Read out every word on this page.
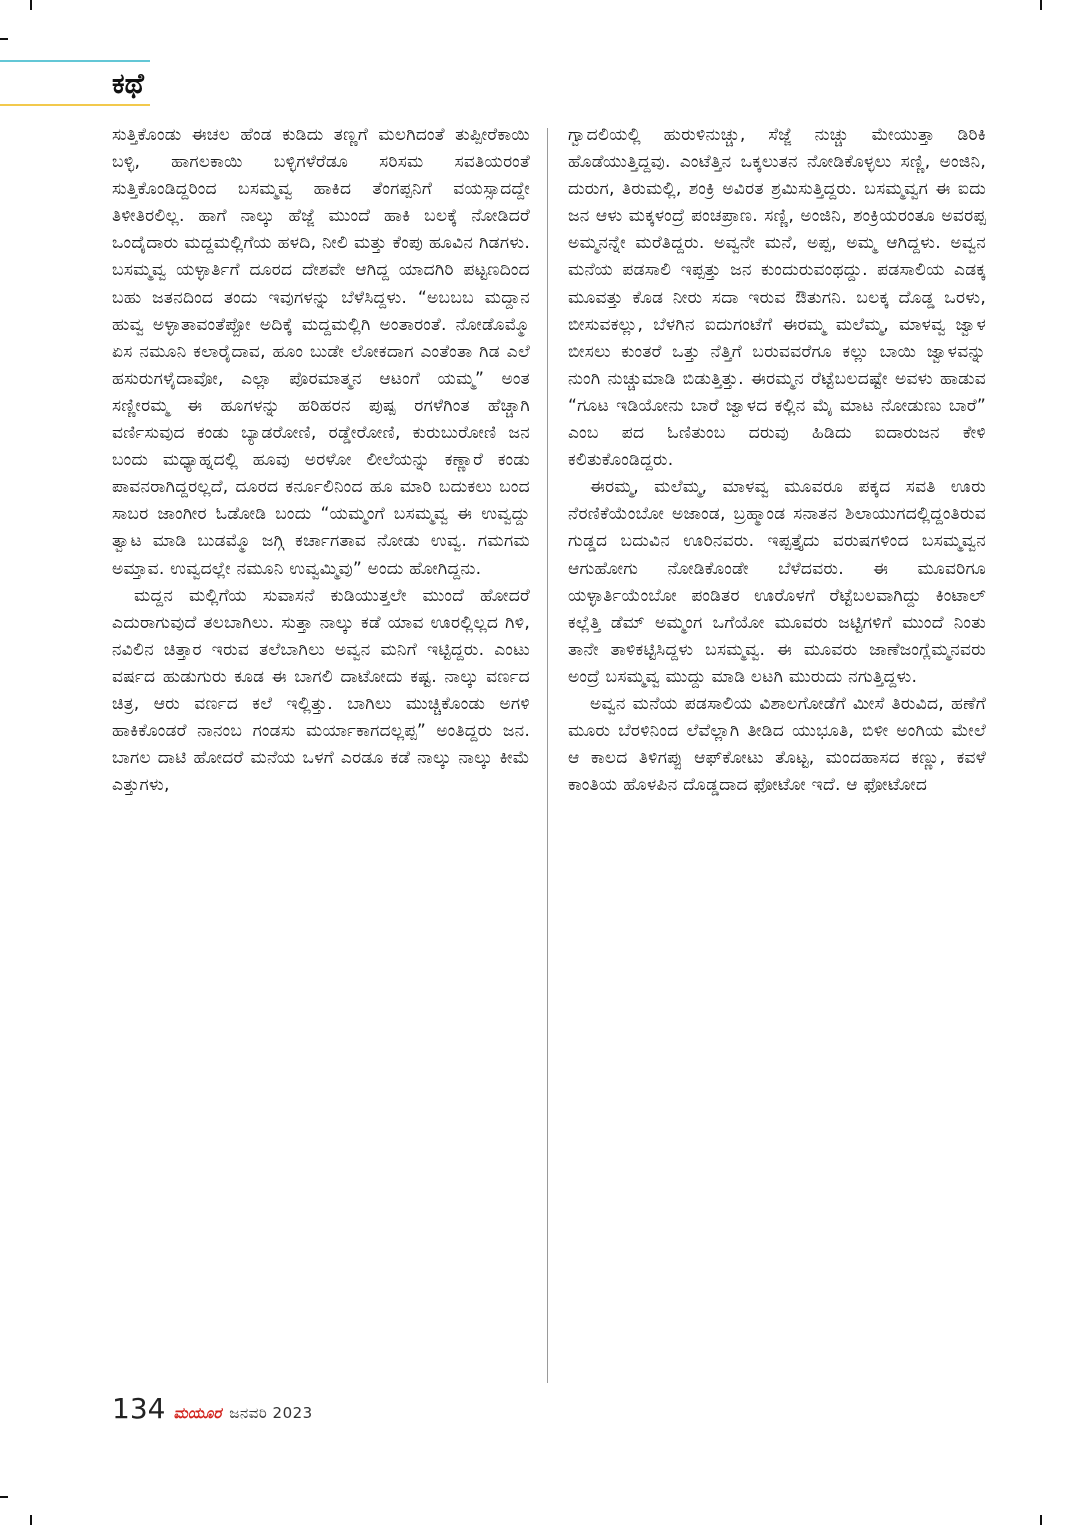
ಕಥೆ

ಸುತ್ತಿಕೊಂಡು ಈಚಲ ಹೆಂಡ ಕುಡಿದು ತಣ್ಣಗೆ ಮಲಗಿದಂತೆ ತುಪ್ಪೀರೆಕಾಯಿ ಬಳ್ಳಿ, ಹಾಗಲಕಾಯಿ ಬಳ್ಳಿಗಳೆರೆಡೂ ಸರಿಸಮ ಸವತಿಯರಂತೆ ಸುತ್ತಿಕೊಂಡಿದ್ದರಿಂದ ಬಸಮ್ಮವ್ವ ಹಾಕಿದ ತೆಂಗಪ್ಪನಿಗೆ ವಯಸ್ಸಾದದ್ದೇ ತಿಳೀತಿರಲಿಲ್ಲ. ಹಾಗೆ ನಾಲ್ಕು ಹೆಜ್ಜೆ ಮುಂದೆ ಹಾಕಿ ಬಲಕ್ಕೆ ನೋಡಿದರೆ ಒಂದೈದಾರು ಮದ್ದಮಲ್ಲಿಗೆಯ ಹಳದಿ, ನೀಲಿ ಮತ್ತು ಕೆಂಪು ಹೂವಿನ ಗಿಡಗಳು. ಬಸಮ್ಮವ್ವ ಯಳ್ಳಾರ್ತಿಗೆ ದೂರದ ದೇಶವೇ ಆಗಿದ್ದ ಯಾದಗಿರಿ ಪಟ್ಟಣದಿಂದ ಬಹು ಜತನದಿಂದ ತಂದು ಇವುಗಳನ್ನು ಬೆಳೆಸಿದ್ದಳು. “ಅಬಬಬ ಮದ್ದಾನ ಹುವ್ವ ಅಳ್ಳಾತಾವಂತೆಪ್ಪೋ ಅದಿಕ್ಕೆ ಮದ್ದಮಲ್ಲಿಗಿ ಅಂತಾರಂತೆ. ನೋಡೊಮ್ಮೊ ಏಸ ನಮೂನಿ ಕಲಾರೈದಾವ, ಹೂಂ ಬುಡೇ ಲೋಕದಾಗ ಎಂತೆಂತಾ ಗಿಡ ಎಲೆ ಹಸುರುಗಳೈದಾವೋ, ಎಲ್ಲಾ ಪೊರಮಾತ್ಮನ ಆಟಂಗೆ ಯಮ್ಮ” ಅಂತ ಸಣ್ಣೀರಮ್ಮ ಈ ಹೂಗಳನ್ನು ಹರಿಹರನ ಪುಷ್ಪ ರಗಳೆಗಿಂತ ಹೆಚ್ಚಾಗಿ ವರ್ಣಿಸುವುದ ಕಂಡು ಬ್ಯಾಡರೋಣಿ, ರಡ್ಡೇರೋಣಿ, ಕುರುಬುರೋಣಿ ಜನ ಬಂದು ಮಧ್ಯಾಹ್ನದಲ್ಲಿ ಹೂವು ಅರಳೋ ಲೀಲೆಯನ್ನು ಕಣ್ಣಾರೆ ಕಂಡು ಪಾವನರಾಗಿದ್ದರಲ್ಲದೆ, ದೂರದ ಕರ್ನೂಲಿನಿಂದ ಹೂ ಮಾರಿ ಬದುಕಲು ಬಂದ ಸಾಬರ ಜಾಂಗೀರ ಓಡೋಡಿ ಬಂದು “ಯಮ್ಮಂಗೆ ಬಸಮ್ಮವ್ವ ಈ ಉವ್ವದ್ದು ತ್ವಾಟ ಮಾಡಿ ಬುಡಮ್ಮೊ ಜಗ್ಗಿ ಕರ್ಚಾಗತಾವ ನೋಡು ಉವ್ವ. ಗಮಗಮ ಅಮ್ತಾವ. ಉವ್ವದಲ್ಲೇ ನಮೂನಿ ಉವ್ವಮ್ಮಿವು” ಅಂದು ಹೋಗಿದ್ದನು.

ಮದ್ದನ ಮಲ್ಲಿಗೆಯ ಸುವಾಸನೆ ಕುಡಿಯುತ್ತಲೇ ಮುಂದೆ ಹೋದರೆ ಎದುರಾಗುವುದೆ ತಲಬಾಗಿಲು. ಸುತ್ತಾ ನಾಲ್ಕು ಕಡೆ ಯಾವ ಊರಲ್ಲಿಲ್ಲದ ಗಿಳಿ, ನವಿಲಿನ ಚಿತ್ತಾರ ಇರುವ ತಲೆಬಾಗಿಲು ಅವ್ವನ ಮನಿಗೆ ಇಟ್ಟಿದ್ದರು. ಎಂಟು ವರ್ಷದ ಹುಡುಗುರು ಕೂಡ ಈ ಬಾಗಲಿ ದಾಟೋದು ಕಷ್ಟ. ನಾಲ್ಕು ವರ್ಣದ ಚಿತ್ರ, ಆರು ವರ್ಣದ ಕಲೆ ಇಲ್ಲಿತ್ತು. ಬಾಗಿಲು ಮುಚ್ಚಿಕೊಂಡು ಅಗಳಿ ಹಾಕಿಕೊಂಡರೆ ನಾನಂಬ ಗಂಡಸು ಮರ್ಯಾಕಾಗದಲ್ಲಪ್ಪ” ಅಂತಿದ್ದರು ಜನ. ಬಾಗಲ ದಾಟಿ ಹೋದರೆ ಮನೆಯ ಒಳಗೆ ಎರಡೂ ಕಡೆ ನಾಲ್ಕು ನಾಲ್ಕು ಕೀಮೆ ಎತ್ತುಗಳು,

ಗ್ವಾದಲಿಯಲ್ಲಿ ಹುರುಳಿನುಚ್ಚು, ಸೆಜ್ಜೆ ನುಚ್ಚು ಮೇಯುತ್ತಾ ಡಿರಿಕಿ ಹೊಡೆಯುತ್ತಿದ್ದವು. ಎಂಟೆತ್ತಿನ ಒಕ್ಕಲುತನ ನೋಡಿಕೊಳ್ಳಲು ಸಣ್ಣಿ, ಅಂಜಿನಿ, ದುರುಗ, ತಿರುಮಲ್ಲಿ, ಶಂಕ್ರಿ ಅವಿರತ ಶ್ರಮಿಸುತ್ತಿದ್ದರು. ಬಸಮ್ಮವ್ವಗ ಈ ಐದು ಜನ ಆಳು ಮಕ್ಕಳಂದ್ರೆ ಪಂಚಪ್ರಾಣ. ಸಣ್ಣಿ, ಅಂಜಿನಿ, ಶಂಕ್ರಿಯರಂತೂ ಅವರಪ್ಪ ಅಮ್ಮನನ್ನೇ ಮರೆತಿದ್ದರು. ಅವ್ವನೇ ಮನೆ, ಅಪ್ಪ, ಅಮ್ಮ ಆಗಿದ್ದಳು. ಅವ್ವನ ಮನೆಯ ಪಡಸಾಲಿ ಇಪ್ಪತ್ತು ಜನ ಕುಂದುರುವಂಥದ್ದು. ಪಡಸಾಲಿಯ ಎಡಕ್ಕ ಮೂವತ್ತು ಕೊಡ ನೀರು ಸದಾ ಇರುವ ಔತುಗನಿ. ಬಲಕ್ಕ ದೊಡ್ಡ ಒರಳು, ಬೀಸುವಕಲ್ಲು, ಬೆಳಗಿನ ಐದುಗಂಟೆಗೆ ಈರಮ್ಮ ಮಲೆಮ್ಮ, ಮಾಳವ್ವ ಜ್ವಾಳ ಬೀಸಲು ಕುಂತರೆ ಒತ್ತು ನೆತ್ತಿಗೆ ಬರುವವರೆಗೂ ಕಲ್ಲು ಬಾಯಿ ಜ್ವಾಳವನ್ನು ನುಂಗಿ ನುಚ್ಚುಮಾಡಿ ಬಿಡುತ್ತಿತ್ತು. ಈರಮ್ಮನ ರೆಟ್ಟೆಬಲದಷ್ಟೇ ಅವಳು ಹಾಡುವ “ಗೂಟ ಇಡಿಯೋನು ಬಾರೆ ಜ್ವಾಳದ ಕಲ್ಲಿನ ಮೈ ಮಾಟ ನೋಡುಣು ಬಾರೆ” ಎಂಬ ಪದ ಓಣಿತುಂಬ ದರುವು ಹಿಡಿದು ಐದಾರುಜನ ಕೇಳಿ ಕಲಿತುಕೊಂಡಿದ್ದರು.

ಈರಮ್ಮ, ಮಲೆಮ್ಮ, ಮಾಳವ್ವ ಮೂವರೂ ಪಕ್ಕದ ಸವತಿ ಊರು ನೆರಣಿಕೆಯೆಂಬೋ ಅಜಾಂಡ, ಬ್ರಹ್ಮಾಂಡ ಸನಾತನ ಶಿಲಾಯುಗದಲ್ಲಿದ್ದಂತಿರುವ ಗುಡ್ಡದ ಬದುವಿನ ಊರಿನವರು. ಇಪ್ಪತ್ತೈದು ವರುಷಗಳಿಂದ ಬಸಮ್ಮವ್ವನ ಆಗುಹೋಗು ನೋಡಿಕೊಂಡೇ ಬೆಳೆದವರು. ಈ ಮೂವರಿಗೂ ಯಳ್ಳಾರ್ತಿಯೆಂಬೋ ಪಂಡಿತರ ಊರೊಳಗೆ ರೆಟ್ಟೆಬಲವಾಗಿದ್ದು ಕಿಂಟಾಲ್ ಕಲ್ಲೆತ್ತಿ ಡೆಮ್ ಅಮ್ಮಂಗ ಒಗೆಯೋ ಮೂವರು ಜಟ್ಟಿಗಳಿಗೆ ಮುಂದೆ ನಿಂತು ತಾನೇ ತಾಳಿಕಟ್ಟಿಸಿದ್ದಳು ಬಸಮ್ಮವ್ವ. ಈ ಮೂವರು ಜಾಣೆಜಂಗ್ಲೆಮ್ಮನವರು ಅಂದ್ರೆ ಬಸಮ್ಮವ್ವ ಮುದ್ದು ಮಾಡಿ ಲಟಗಿ ಮುರುದು ನಗುತ್ತಿದ್ದಳು.

ಅವ್ವನ ಮನೆಯ ಪಡಸಾಲಿಯ ವಿಶಾಲಗೋಡೆಗೆ ಮೀಸೆ ತಿರುವಿದ, ಹಣೆಗೆ ಮೂರು ಬೆರಳಿನಿಂದ ಲೆವೆಲ್ಲಾಗಿ ತೀಡಿದ ಯುಭೂತಿ, ಬಿಳೀ ಅಂಗಿಯ ಮೇಲೆ ಆ ಕಾಲದ ತಿಳಿಗಪ್ಪು ಆಫ್‌ಕೋಟು ತೊಟ್ಟ, ಮಂದಹಾಸದ ಕಣ್ಣು, ಕವಳೆ ಕಾಂತಿಯ ಹೊಳಪಿನ ದೊಡ್ಡದಾದ ಫೋಟೋ ಇದೆ. ಆ ಫೋಟೋದ

134 ಮಯೂರ ಜನವರಿ 2023
